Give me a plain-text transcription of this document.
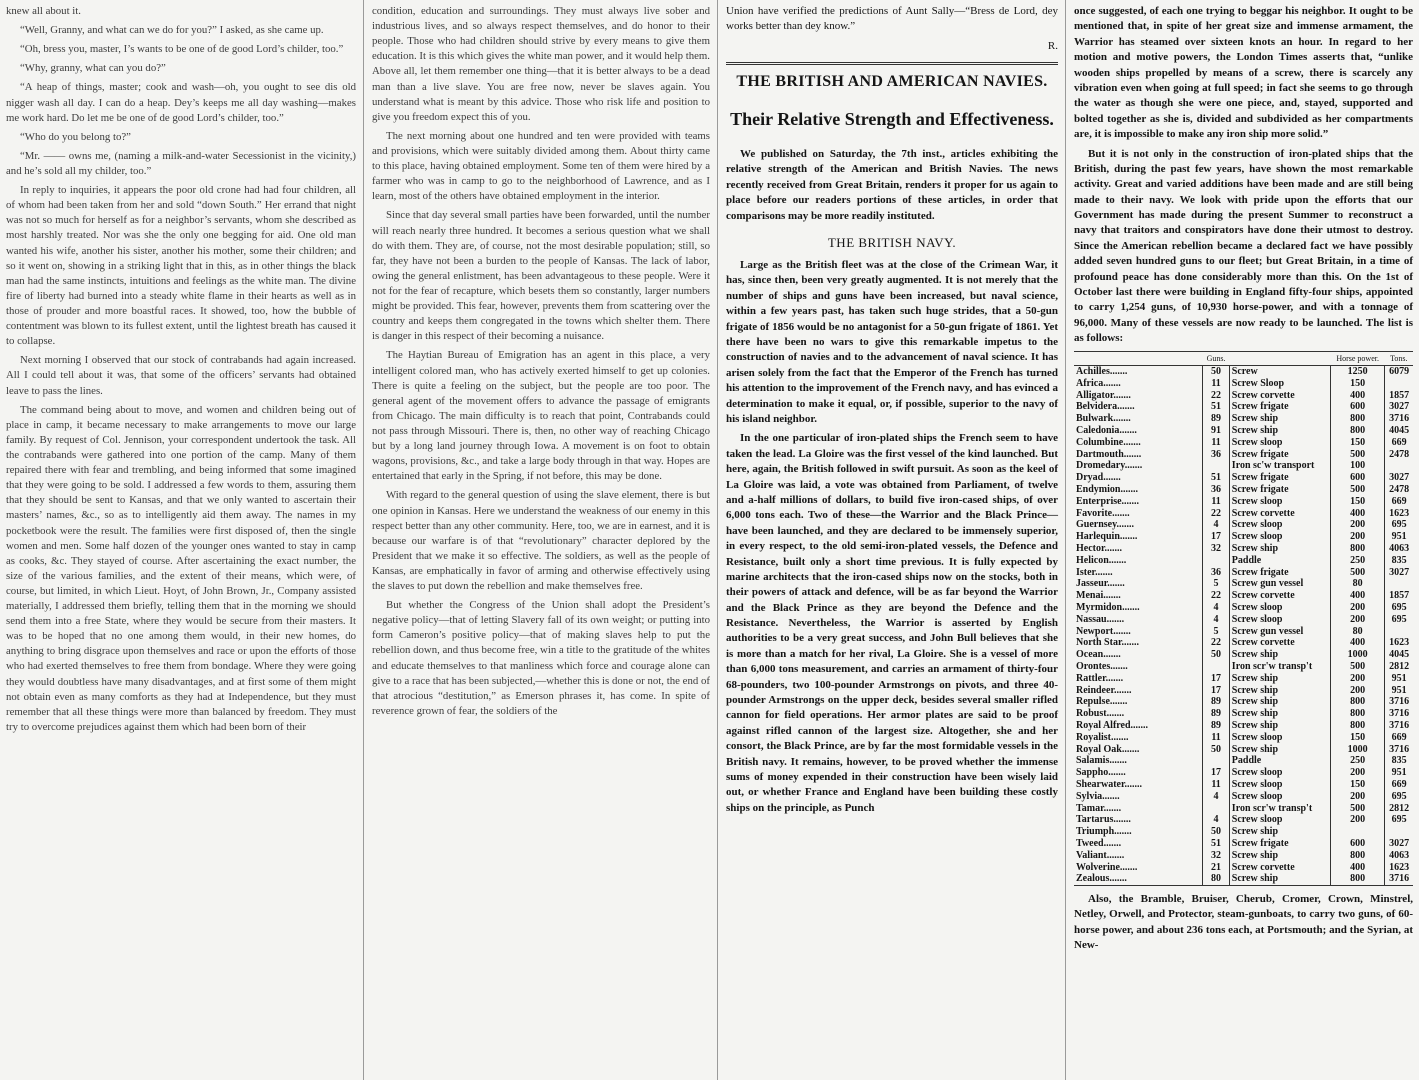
knew all about it.

“Well, Granny, and what can we do for you?” I asked, as she came up.

“Oh, bress you, master, I’s wants to be one of de good Lord’s childer, too.”

“Why, granny, what can you do?”

“A heap of things, master; cook and wash—oh, you ought to see dis old nigger wash all day. I can do a heap. Dey’s keeps me all day washing—makes me work hard. Do let me be one of de good Lord’s childer, too.”

“Who do you belong to?”

“Mr. —— owns me, (naming a milk-and-water Secessionist in the vicinity,) and he’s sold all my childer, too.”

In reply to inquiries, it appears the poor old crone had had four children, all of whom had been taken from her and sold “down South.” Her errand that night was not so much for herself as for a neighbor’s servants, whom she described as most harshly treated. Nor was she the only one begging for aid. One old man wanted his wife, another his sister, another his mother, some their children; and so it went on, showing in a striking light that in this, as in other things the black man had the same instincts, intuitions and feelings as the white man. The divine fire of liberty had burned into a steady white flame in their hearts as well as in those of prouder and more boastful races. It showed, too, how the bubble of contentment was blown to its fullest extent, until the lightest breath has caused it to collapse.

Next morning I observed that our stock of contrabands had again increased. All I could tell about it was, that some of the officers’ servants had obtained leave to pass the lines.

The command being about to move, and women and children being out of place in camp, it became necessary to make arrangements to move our large family. By request of Col. Jennison, your correspondent undertook the task. All the contrabands were gathered into one portion of the camp. Many of them repaired there with fear and trembling, and being informed that some imagined that they were going to be sold. I addressed a few words to them, assuring them that they should be sent to Kansas, and that we only wanted to ascertain their masters’ names, &c., so as to intelligently aid them away. The names in my pocketbook were the result. The families were first disposed of, then the single women and men. Some half dozen of the younger ones wanted to stay in camp as cooks, &c. They stayed of course. After ascertaining the exact number, the size of the various families, and the extent of their means, which were, of course, but limited, in which Lieut. Hoyt, of John Brown, Jr., Company assisted materially, I addressed them briefly, telling them that in the morning we should send them into a free State, where they would be secure from their masters. It was to be hoped that no one among them would, in their new homes, do anything to bring disgrace upon themselves and race or upon the efforts of those who had exerted themselves to free them from bondage. Where they were going they would doubtless have many disadvantages, and at first some of them might not obtain even as many comforts as they had at Independence, but they must remember that all these things were more than balanced by freedom. They must try to overcome prejudices against them which had been born of their

condition, education and surroundings. They must always live sober and industrious lives, and so always respect themselves, and do honor to their people. Those who had children should strive by every means to give them education. It is this which gives the white man power, and it would help them. Above all, let them remember one thing—that it is better always to be a dead man than a live slave. You are free now, never be slaves again. You understand what is meant by this advice. Those who risk life and position to give you freedom expect this of you.

The next morning about one hundred and ten were provided with teams and provisions, which were suitably divided among them. About thirty came to this place, having obtained employment. Some ten of them were hired by a farmer who was in camp to go to the neighborhood of Lawrence, and as I learn, most of the others have obtained employment in the interior.

Since that day several small parties have been forwarded, until the number will reach nearly three hundred. It becomes a serious question what we shall do with them. They are, of course, not the most desirable population; still, so far, they have not been a burden to the people of Kansas. The lack of labor, owing the general enlistment, has been advantageous to these people. Were it not for the fear of recapture, which besets them so constantly, larger numbers might be provided. This fear, however, prevents them from scattering over the country and keeps them congregated in the towns which shelter them. There is danger in this respect of their becoming a nuisance.

The Haytian Bureau of Emigration has an agent in this place, a very intelligent colored man, who has actively exerted himself to get up colonies. There is quite a feeling on the subject, but the people are too poor. The general agent of the movement offers to advance the passage of emigrants from Chicago. The main difficulty is to reach that point, Contrabands could not pass through Missouri. There is, then, no other way of reaching Chicago but by a long land journey through Iowa. A movement is on foot to obtain wagons, provisions, &c., and take a large body through in that way. Hopes are entertained that early in the Spring, if not before, this may be done.

With regard to the general question of using the slave element, there is but one opinion in Kansas. Here we understand the weakness of our enemy in this respect better than any other community. Here, too, we are in earnest, and it is because our warfare is of that “revolutionary” character deplored by the President that we make it so effective. The soldiers, as well as the people of Kansas, are emphatically in favor of arming and otherwise effectively using the slaves to put down the rebellion and make themselves free.

But whether the Congress of the Union shall adopt the President’s negative policy—that of letting Slavery fall of its own weight; or putting into form Cameron’s positive policy—that of making slaves help to put the rebellion down, and thus become free, win a title to the gratitude of the whites and educate themselves to that manliness which force and courage alone can give to a race that has been subjected,—whether this is done or not, the end of that atrocious “destitution,” as Emerson phrases it, has come. In spite of reverence grown of fear, the soldiers of the

Union have verified the predictions of Aunt Sally—“Bress de Lord, dey works better than dey know.”

R.

THE BRITISH AND AMERICAN NAVIES.
Their Relative Strength and Effectiveness.

We published on Saturday, the 7th inst., articles exhibiting the relative strength of the American and British Navies. The news recently received from Great Britain, renders it proper for us again to place before our readers portions of these articles, in order that comparisons may be more readily instituted.

THE BRITISH NAVY.

Large as the British fleet was at the close of the Crimean War, it has, since then, been very greatly augmented. It is not merely that the number of ships and guns have been increased, but naval science, within a few years past, has taken such huge strides, that a 50-gun frigate of 1856 would be no antagonist for a 50-gun frigate of 1861. Yet there have been no wars to give this remarkable impetus to the construction of navies and to the advancement of naval science. It has arisen solely from the fact that the Emperor of the French has turned his attention to the improvement of the French navy, and has evinced a determination to make it equal, or, if possible, superior to the navy of his island neighbor.

In the one particular of iron-plated ships the French seem to have taken the lead. La Gloire was the first vessel of the kind launched. But here, again, the British followed in swift pursuit. As soon as the keel of La Gloire was laid, a vote was obtained from Parliament, of twelve and a-half millions of dollars, to build five iron-cased ships, of over 6,000 tons each. Two of these—the Warrior and the Black Prince—have been launched, and they are declared to be immensely superior, in every respect, to the old semi-iron-plated vessels, the Defence and Resistance, built only a short time previous. It is fully expected by marine architects that the iron-cased ships now on the stocks, both in their powers of attack and defence, will be as far beyond the Warrior and the Black Prince as they are beyond the Defence and the Resistance. Nevertheless, the Warrior is asserted by English authorities to be a very great success, and John Bull believes that she is more than a match for her rival, La Gloire. She is a vessel of more than 6,000 tons measurement, and carries an armament of thirty-four 68-pounders, two 100-pounder Armstrongs on pivots, and three 40-pounder Armstrongs on the upper deck, besides several smaller rifled cannon for field operations. Her armor plates are said to be proof against rifled cannon of the largest size. Altogether, she and her consort, the Black Prince, are by far the most formidable vessels in the British navy. It remains, however, to be proved whether the immense sums of money expended in their construction have been wisely laid out, or whether France and England have been building these costly ships on the principle, as Punch

once suggested, of each one trying to beggar his neighbor. It ought to be mentioned that, in spite of her great size and immense armament, the Warrior has steamed over sixteen knots an hour. In regard to her motion and motive powers, the London Times asserts that, “unlike wooden ships propelled by means of a screw, there is scarcely any vibration even when going at full speed; in fact she seems to go through the water as though she were one piece, and, stayed, supported and bolted together as she is, divided and subdivided as her compartments are, it is impossible to make any iron ship more solid.”

But it is not only in the construction of iron-plated ships that the British, during the past few years, have shown the most remarkable activity. Great and varied additions have been made and are still being made to their navy. We look with pride upon the efforts that our Government has made during the present Summer to reconstruct a navy that traitors and conspirators have done their utmost to destroy. Since the American rebellion became a declared fact we have possibly added seven hundred guns to our fleet; but Great Britain, in a time of profound peace has done considerably more than this. On the 1st of October last there were building in England fifty-four ships, appointed to carry 1,254 guns, of 10,930 horse-power, and with a tonnage of 96,000. Many of these vessels are now ready to be launched. The list is as follows:

	Guns.		Horse power.	Tons.
Achilles.......	50	Screw	1250	6079
Africa.......	11	Screw Sloop	150	
Alligator.......	22	Screw corvette	400	1857
Belvidera.......	51	Screw frigate	600	3027
Bulwark.......	89	Screw ship	800	3716
Caledonia.......	91	Screw ship	800	4045
Columbine.......	11	Screw sloop	150	669
Dartmouth.......	36	Screw frigate	500	2478
Dromedary.......		Iron sc'w transport	100	
Dryad.......	51	Screw frigate	600	3027
Endymion.......	36	Screw frigate	500	2478
Enterprise.......	11	Screw sloop	150	669
Favorite.......	22	Screw corvette	400	1623
Guernsey.......	4	Screw sloop	200	695
Harlequin.......	17	Screw sloop	200	951
Hector.......	32	Screw ship	800	4063
Helicon.......		Paddle	250	835
Ister.......	36	Screw frigate	500	3027
Jasseur.......	5	Screw gun vessel	80	
Menai.......	22	Screw corvette	400	1857
Myrmidon.......	4	Screw sloop	200	695
Nassau.......	4	Screw sloop	200	695
Newport.......	5	Screw gun vessel	80	
North Star.......	22	Screw corvette	400	1623
Ocean.......	50	Screw ship	1000	4045
Orontes.......		Iron scr'w transp't	500	2812
Rattler.......	17	Screw ship	200	951
Reindeer.......	17	Screw ship	200	951
Repulse.......	89	Screw ship	800	3716
Robust.......	89	Screw ship	800	3716
Royal Alfred.......	89	Screw ship	800	3716
Royalist.......	11	Screw sloop	150	669
Royal Oak.......	50	Screw ship	1000	3716
Salamis.......		Paddle	250	835
Sappho.......	17	Screw sloop	200	951
Shearwater.......	11	Screw sloop	150	669
Sylvia.......	4	Screw sloop	200	695
Tamar.......		Iron scr'w transp't	500	2812
Tartarus.......	4	Screw sloop	200	695
Triumph.......	50	Screw ship		
Tweed.......	51	Screw frigate	600	3027
Valiant.......	32	Screw ship	800	4063
Wolverine.......	21	Screw corvette	400	1623
Zealous.......	80	Screw ship	800	3716

Also, the Bramble, Bruiser, Cherub, Cromer, Crown, Minstrel, Netley, Orwell, and Protector, steam-gunboats, to carry two guns, of 60-horse power, and about 236 tons each, at Portsmouth; and the Syrian, at New-
